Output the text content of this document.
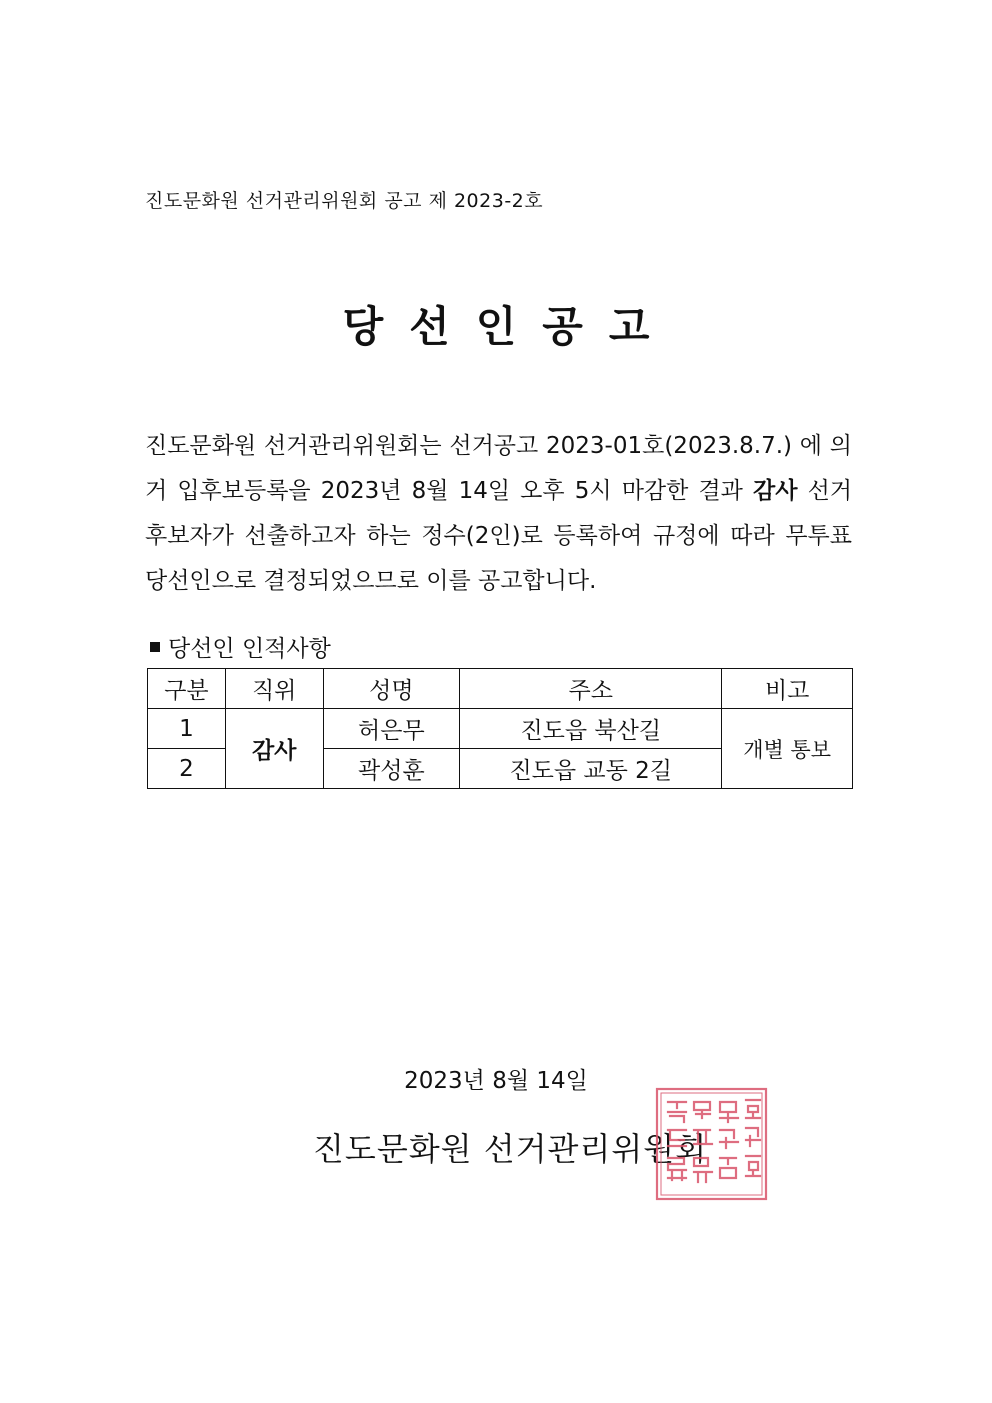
진도문화원 선거관리위원회 공고 제 2023-2호
당선인공고
진도문화원 선거관리위원회는 선거공고 2023-01호(2023.8.7.) 에 의거 입후보등록을 2023년 8월 14일 오후 5시 마감한 결과 감사 선거 후보자가 선출하고자 하는 정수(2인)로 등록하여 규정에 따라 무투표 당선인으로 결정되었으므로 이를 공고합니다.
당선인 인적사항
구분	직위	성명	주소	비고
1	감사	허은무	진도읍 북산길	개별 통보
2		곽성훈	진도읍 교동 2길	
2023년 8월 14일
진도문화원 선거관리위원회
